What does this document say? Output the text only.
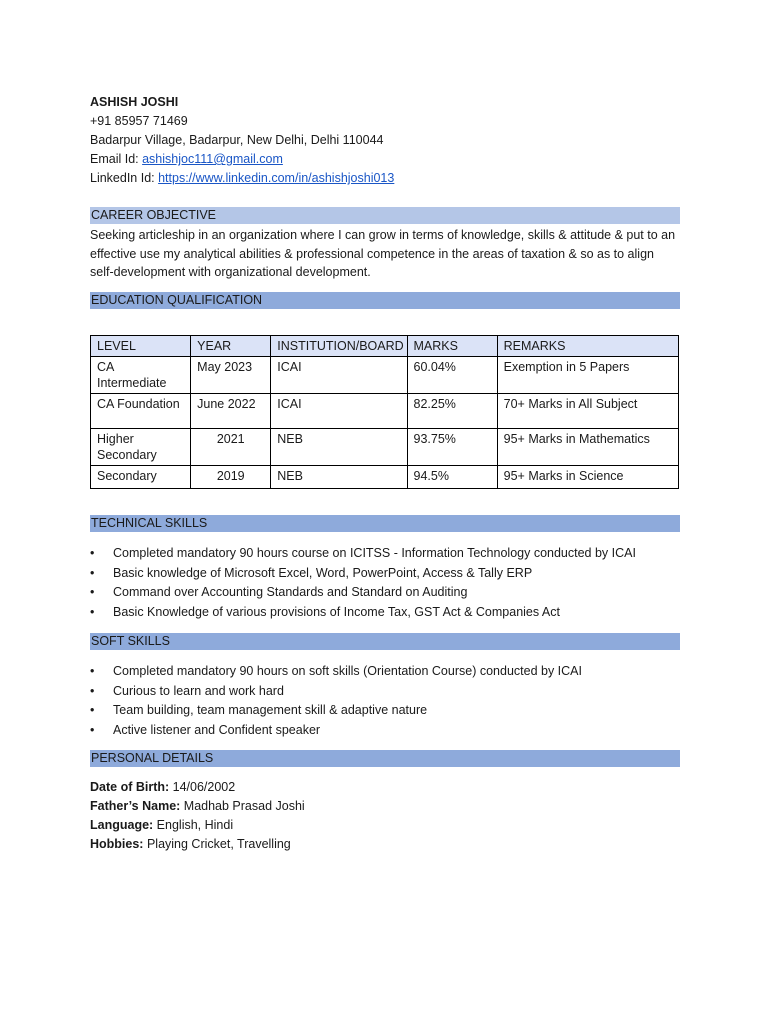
ASHISH JOSHI
+91 85957 71469
Badarpur Village, Badarpur, New Delhi, Delhi 110044
Email Id: ashishjoc111@gmail.com
LinkedIn Id: https://www.linkedin.com/in/ashishjoshi013
CAREER OBJECTIVE
Seeking articleship in an organization where I can grow in terms of knowledge, skills & attitude & put to an effective use my analytical abilities & professional competence in the areas of taxation & so as to align self-development with organizational development.
EDUCATION QUALIFICATION
LEVEL	YEAR	INSTITUTION/BOARD	MARKS	REMARKS
CA Intermediate	May 2023	ICAI	60.04%	Exemption in 5 Papers
CA Foundation	June 2022	ICAI	82.25%	70+ Marks in All Subject
Higher Secondary	2021	NEB	93.75%	95+ Marks in Mathematics
Secondary	2019	NEB	94.5%	95+ Marks in Science
TECHNICAL SKILLS
• Completed mandatory 90 hours course on ICITSS - Information Technology conducted by ICAI
• Basic knowledge of Microsoft Excel, Word, PowerPoint, Access & Tally ERP
• Command over Accounting Standards and Standard on Auditing
• Basic Knowledge of various provisions of Income Tax, GST Act & Companies Act
SOFT SKILLS
• Completed mandatory 90 hours on soft skills (Orientation Course) conducted by ICAI
• Curious to learn and work hard
• Team building, team management skill & adaptive nature
• Active listener and Confident speaker
PERSONAL DETAILS
Date of Birth: 14/06/2002
Father’s Name: Madhab Prasad Joshi
Language: English, Hindi
Hobbies: Playing Cricket, Travelling
